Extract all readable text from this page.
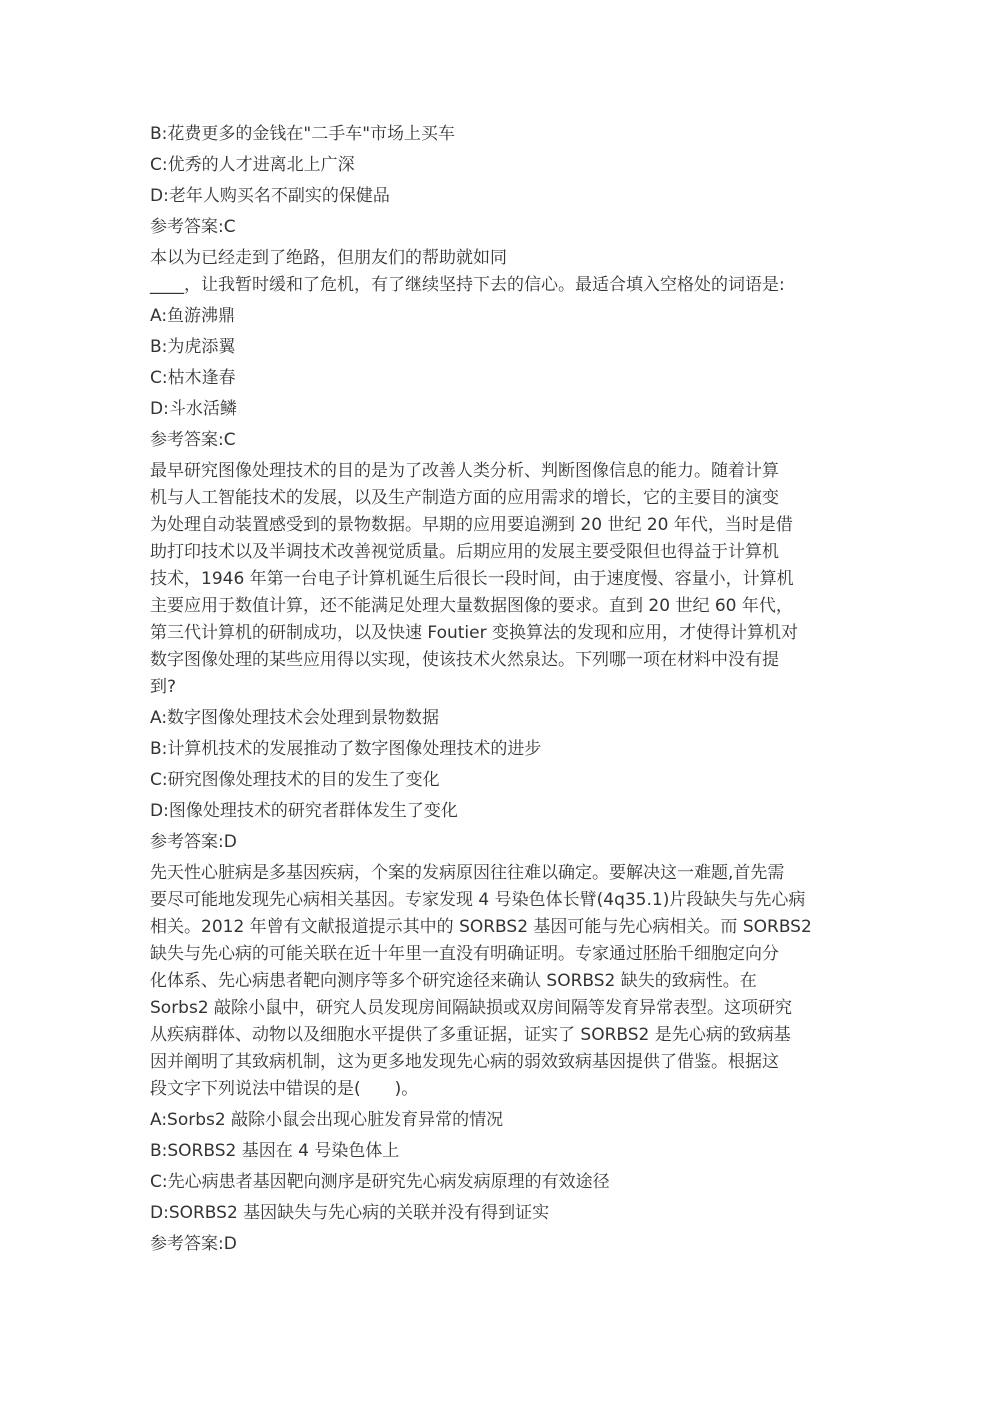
B:花费更多的金钱在"二手车"市场上买车
C:优秀的人才进离北上广深
D:老年人购买名不副实的保健品
参考答案:C
本以为已经走到了绝路，但朋友们的帮助就如同
____，让我暂时缓和了危机，有了继续坚持下去的信心。最适合填入空格处的词语是:
A:鱼游沸鼎
B:为虎添翼
C:枯木逢春
D:斗水活鳞
参考答案:C
最早研究图像处理技术的目的是为了改善人类分析、判断图像信息的能力。随着计算
机与人工智能技术的发展，以及生产制造方面的应用需求的增长，它的主要目的演变
为处理自动装置感受到的景物数据。早期的应用要追溯到 20 世纪 20 年代，当时是借
助打印技术以及半调技术改善视觉质量。后期应用的发展主要受限但也得益于计算机
技术，1946 年第一台电子计算机诞生后很长一段时间，由于速度慢、容量小，计算机
主要应用于数值计算，还不能满足处理大量数据图像的要求。直到 20 世纪 60 年代，
第三代计算机的研制成功，以及快速 Foutier 变换算法的发现和应用，才使得计算机对
数字图像处理的某些应用得以实现，使该技术火然泉达。下列哪一项在材料中没有提
到?
A:数字图像处理技术会处理到景物数据
B:计算机技术的发展推动了数字图像处理技术的进步
C:研究图像处理技术的目的发生了变化
D:图像处理技术的研究者群体发生了变化
参考答案:D
先天性心脏病是多基因疾病，个案的发病原因往往难以确定。要解决这一难题,首先需
要尽可能地发现先心病相关基因。专家发现 4 号染色体长臂(4q35.1)片段缺失与先心病
相关。2012 年曾有文献报道提示其中的 SORBS2 基因可能与先心病相关。而 SORBS2
缺失与先心病的可能关联在近十年里一直没有明确证明。专家通过胚胎千细胞定向分
化体系、先心病患者靶向测序等多个研究途径来确认 SORBS2 缺失的致病性。在
Sorbs2 敲除小鼠中，研究人员发现房间隔缺损或双房间隔等发育异常表型。这项研究
从疾病群体、动物以及细胞水平提供了多重证据，证实了 SORBS2 是先心病的致病基
因并阐明了其致病机制，这为更多地发现先心病的弱效致病基因提供了借鉴。根据这
段文字下列说法中错误的是(　　)。
A:Sorbs2 敲除小鼠会出现心脏发育异常的情况
B:SORBS2 基因在 4 号染色体上
C:先心病患者基因靶向测序是研究先心病发病原理的有效途径
D:SORBS2 基因缺失与先心病的关联并没有得到证实
参考答案:D
